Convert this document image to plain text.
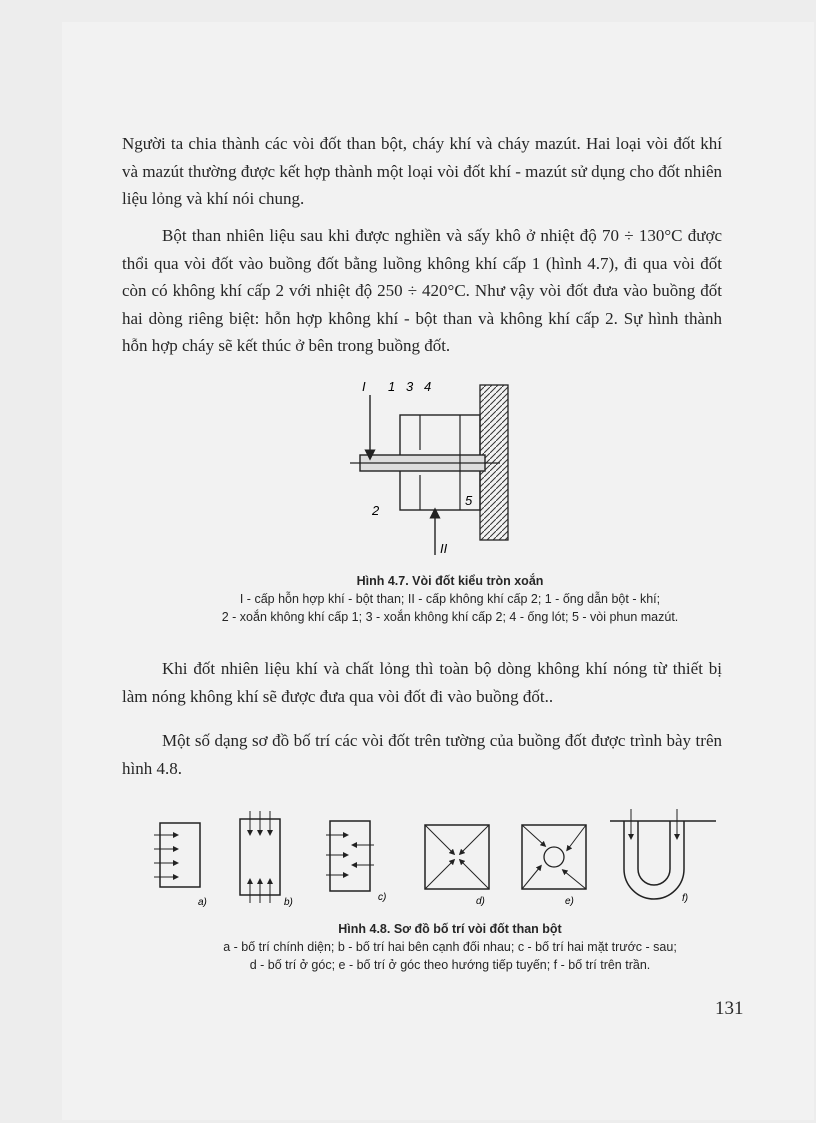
Người ta chia thành các vòi đốt than bột, cháy khí và cháy mazút. Hai loại vòi đốt khí và mazút thường được kết hợp thành một loại vòi đốt khí - mazút sử dụng cho đốt nhiên liệu lỏng và khí nói chung.

Bột than nhiên liệu sau khi được nghiền và sấy khô ở nhiệt độ 70 ÷ 130°C được thổi qua vòi đốt vào buồng đốt bằng luồng không khí cấp 1 (hình 4.7), đi qua vòi đốt còn có không khí cấp 2 với nhiệt độ 250 ÷ 420°C. Như vậy vòi đốt đưa vào buồng đốt hai dòng riêng biệt: hỗn hợp không khí - bột than và không khí cấp 2. Sự hình thành hỗn hợp cháy sẽ kết thúc ở bên trong buồng đốt.

I 1 3 4
2
5
II
Hình 4.7. Vòi đốt kiểu tròn xoắn
I - cấp hỗn hợp khí - bột than; II - cấp không khí cấp 2; 1 - ống dẫn bột - khí;
2 - xoắn không khí cấp 1; 3 - xoắn không khí cấp 2; 4 - ống lót; 5 - vòi phun mazút.

Khi đốt nhiên liệu khí và chất lỏng thì toàn bộ dòng không khí nóng từ thiết bị làm nóng không khí sẽ được đưa qua vòi đốt đi vào buồng đốt..

Một số dạng sơ đồ bố trí các vòi đốt trên tường của buồng đốt được trình bày trên hình 4.8.

a)	b)	c)	d)	e)	f)
Hình 4.8. Sơ đồ bố trí vòi đốt than bột
a - bố trí chính diện; b - bố trí hai bên cạnh đối nhau; c - bố trí hai mặt trước - sau;
d - bố trí ở góc; e - bố trí ở góc theo hướng tiếp tuyến; f - bố trí trên trần.
131
